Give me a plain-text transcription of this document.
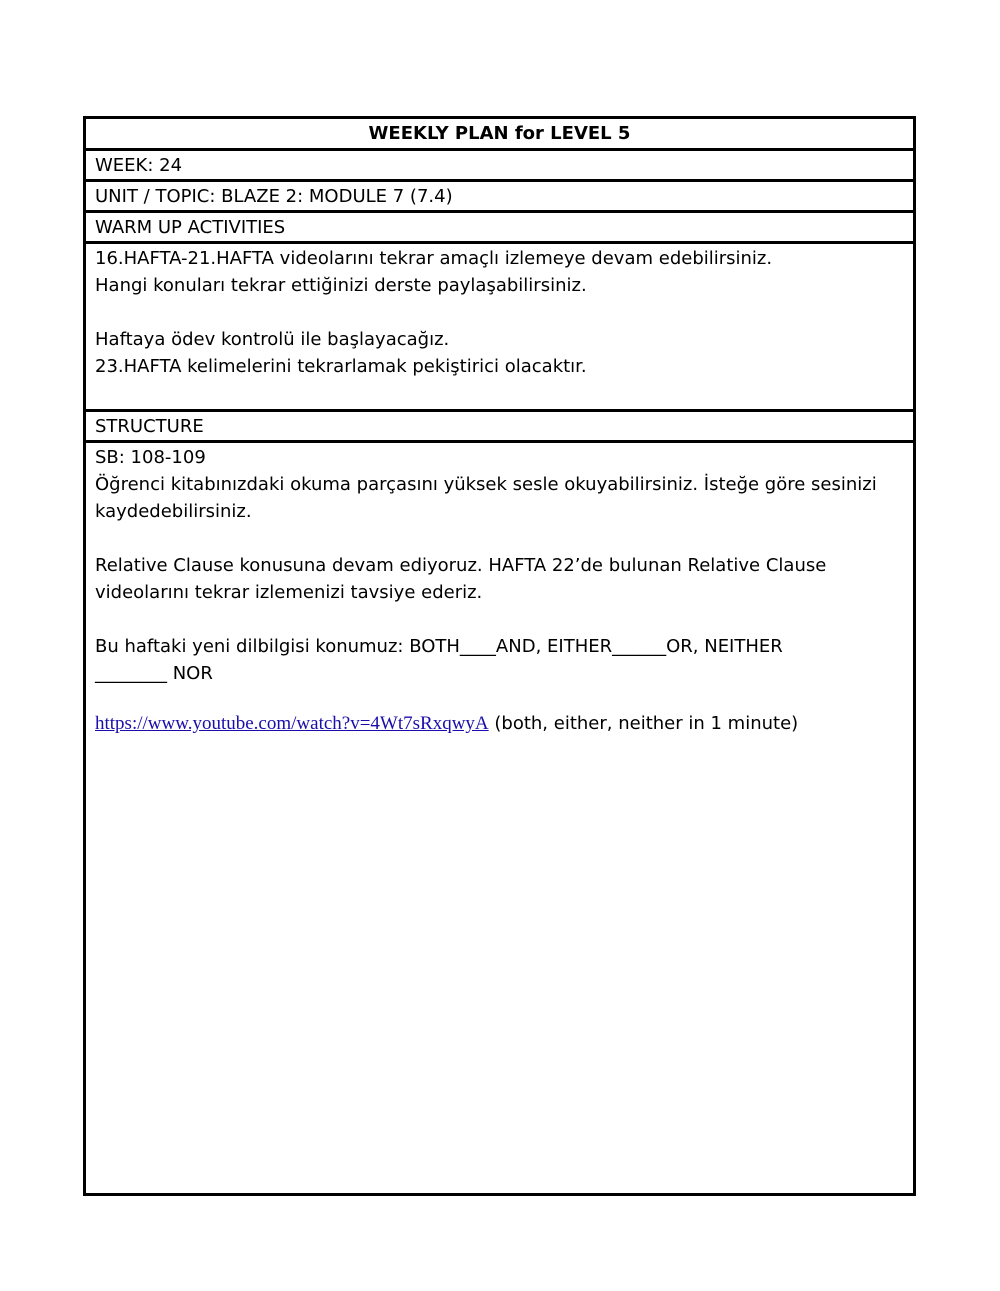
WEEKLY PLAN for LEVEL 5
WEEK: 24
UNIT / TOPIC: BLAZE 2: MODULE 7 (7.4)
WARM UP ACTIVITIES

16.HAFTA-21.HAFTA videolarını tekrar amaçlı izlemeye devam edebilirsiniz.

Hangi konuları tekrar ettiğinizi derste paylaşabilirsiniz.

Haftaya ödev kontrolü ile başlayacağız.

23.HAFTA kelimelerini tekrarlamak pekiştirici olacaktır.

STRUCTURE

SB: 108-109

Öğrenci kitabınızdaki okuma parçasını yüksek sesle okuyabilirsiniz. İsteğe göre sesinizi

kaydedebilirsiniz.

Relative Clause konusuna devam ediyoruz. HAFTA 22’de bulunan Relative Clause

videolarını tekrar izlemenizi tavsiye ederiz.

Bu haftaki yeni dilbilgisi konumuz: BOTH____AND, EITHER______OR, NEITHER

________ NOR

https://www.youtube.com/watch?v=4Wt7sRxqwyA (both, either, neither in 1 minute)
